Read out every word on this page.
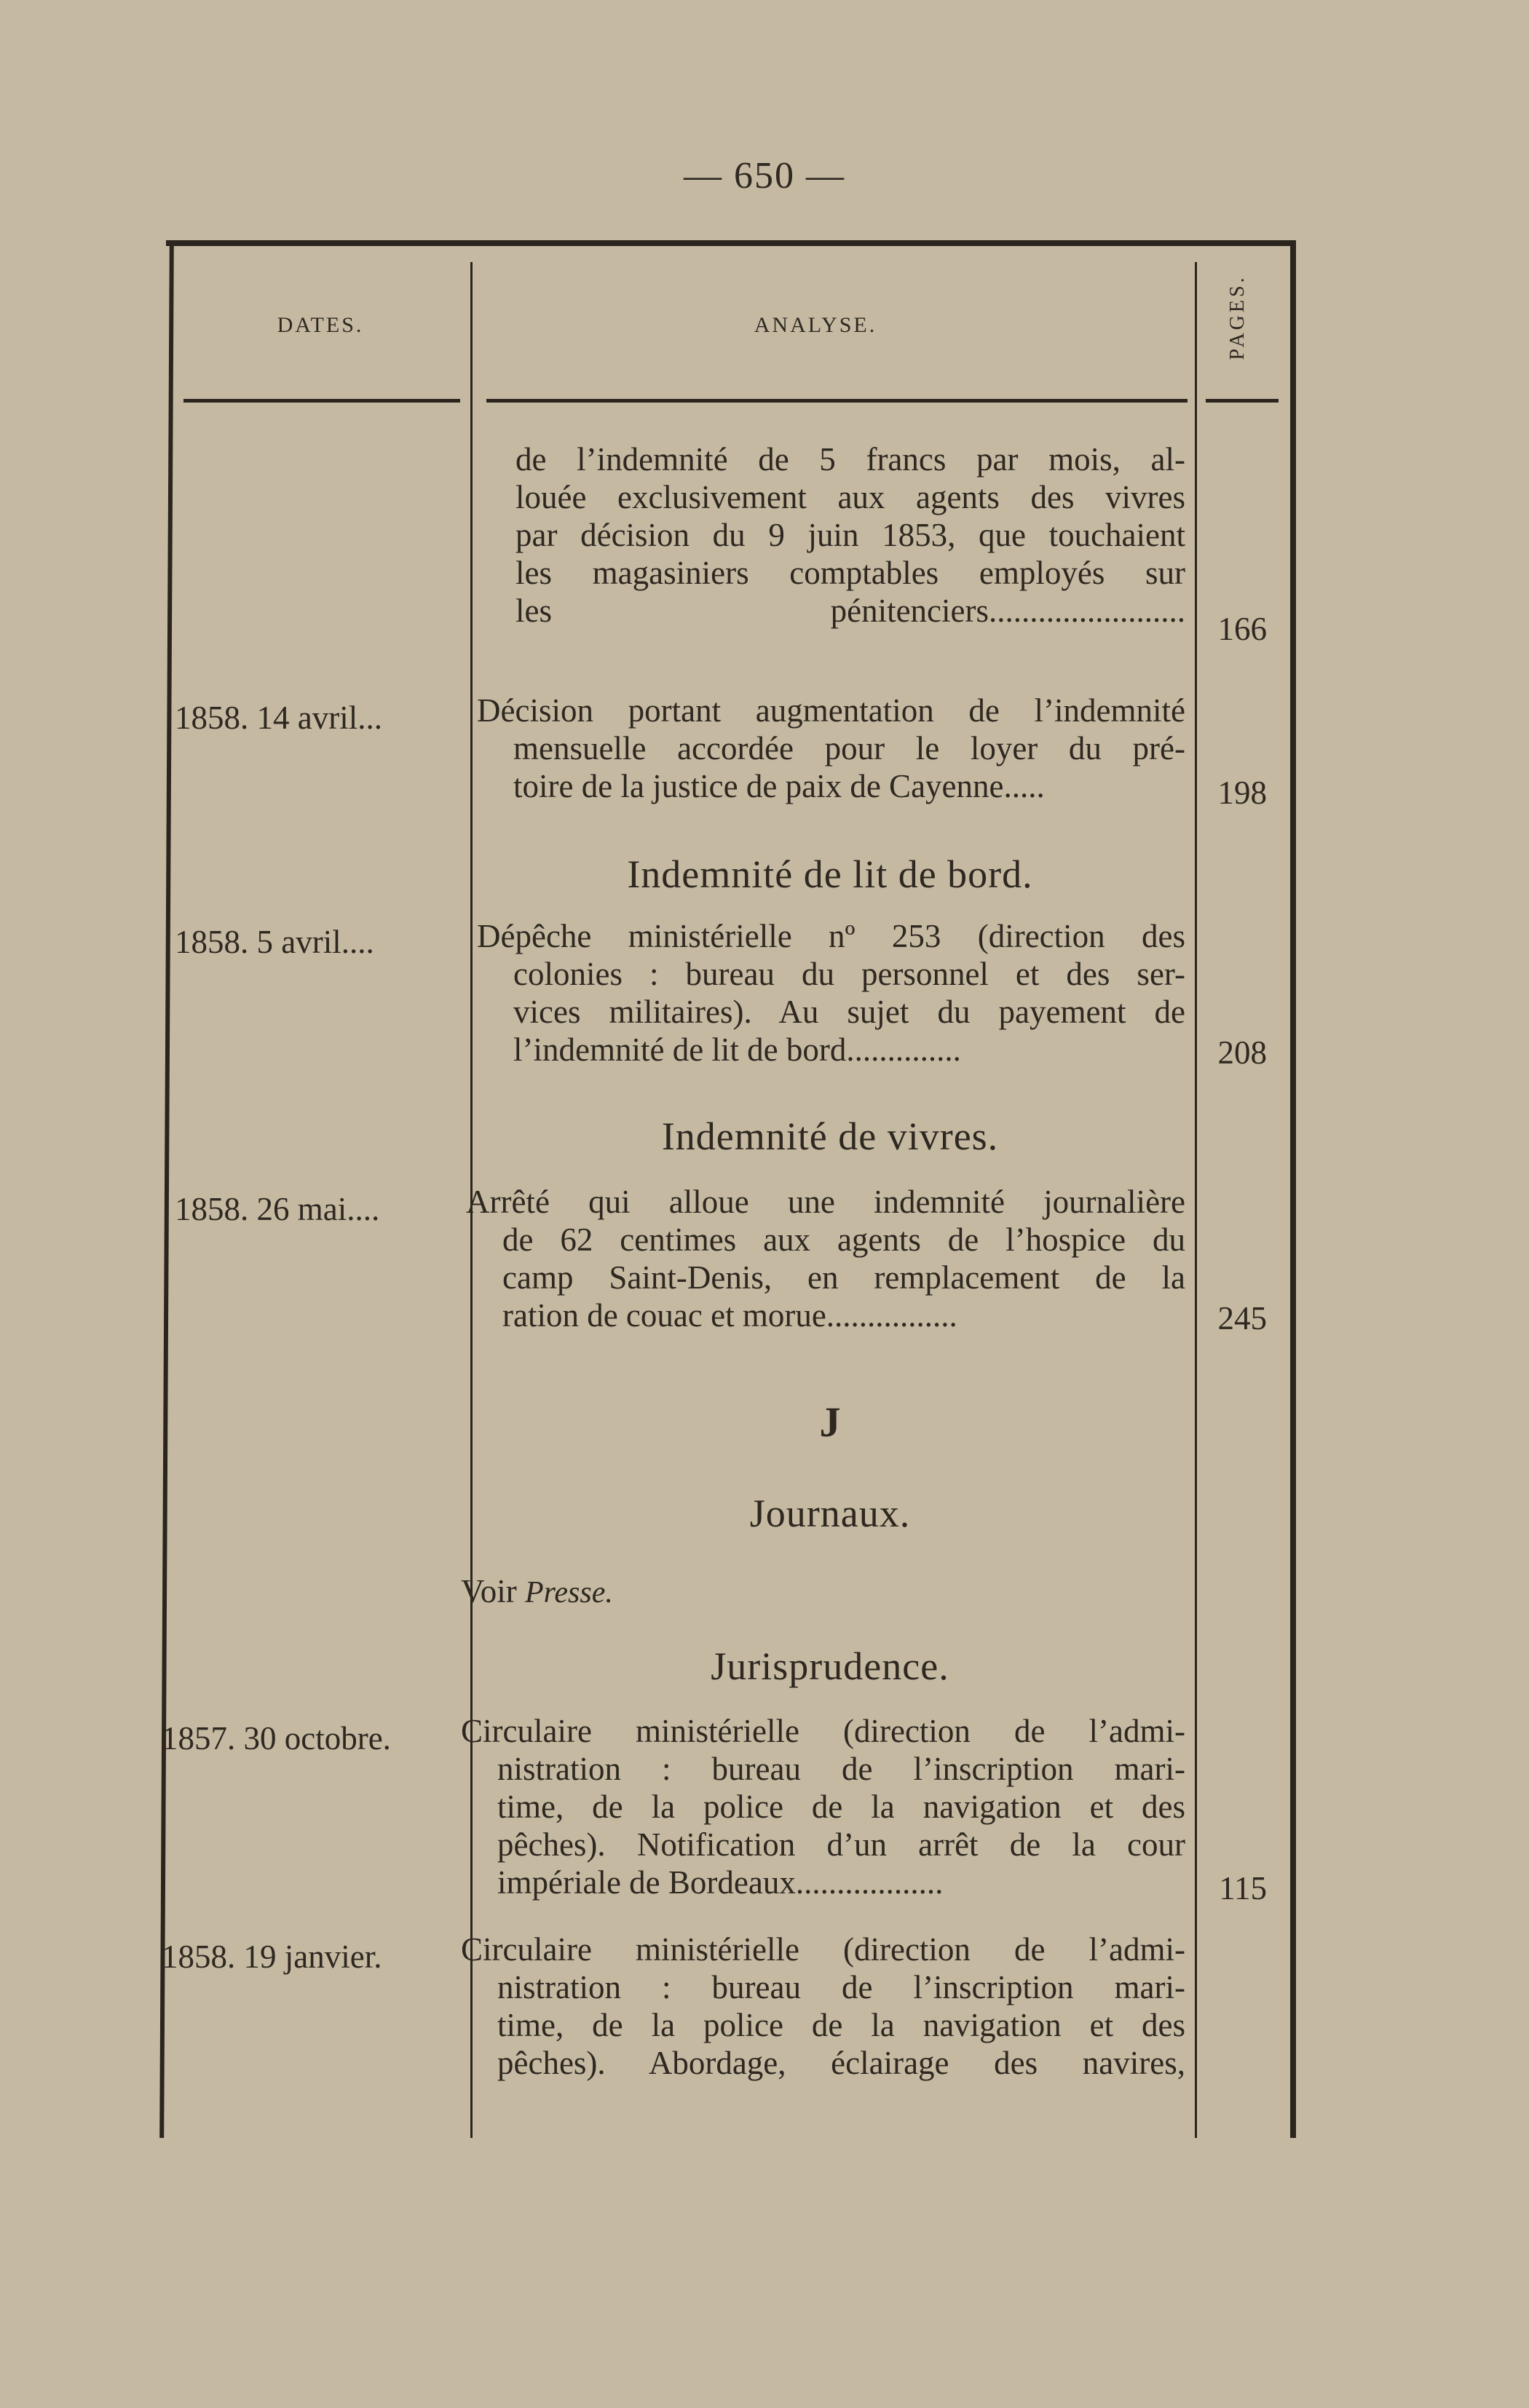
— 650 —
DATES.	ANALYSE.	PAGES.
de l’indemnité de 5 francs par mois, al-
louée exclusivement aux agents des vivres
par décision du 9 juin 1853, que touchaient
les magasiniers comptables employés sur
les pénitenciers........................ 166
1858. 14 avril...	Décision portant augmentation de l’indemnité
mensuelle accordée pour le loyer du pré-
toire de la justice de paix de Cayenne.....	198
Indemnité de lit de bord.
1858. 5 avril....	Dépêche ministérielle nº 253 (direction des
colonies : bureau du personnel et des ser-
vices militaires). Au sujet du payement de
l’indemnité de lit de bord..............	208
Indemnité de vivres.
1858. 26 mai....	Arrêté qui alloue une indemnité journalière
de 62 centimes aux agents de l’hospice du
camp Saint-Denis, en remplacement de la
ration de couac et morue................	245
J
Journaux.
Voir Presse.
Jurisprudence.
1857. 30 octobre. Circulaire ministérielle (direction de l’admi-
nistration : bureau de l’inscription mari-
time, de la police de la navigation et des
pêches). Notification d’un arrêt de la cour
impériale de Bordeaux..................	115
1858. 19 janvier. Circulaire ministérielle (direction de l’admi-
nistration : bureau de l’inscription mari-
time, de la police de la navigation et des
pêches). Abordage, éclairage des navires,
